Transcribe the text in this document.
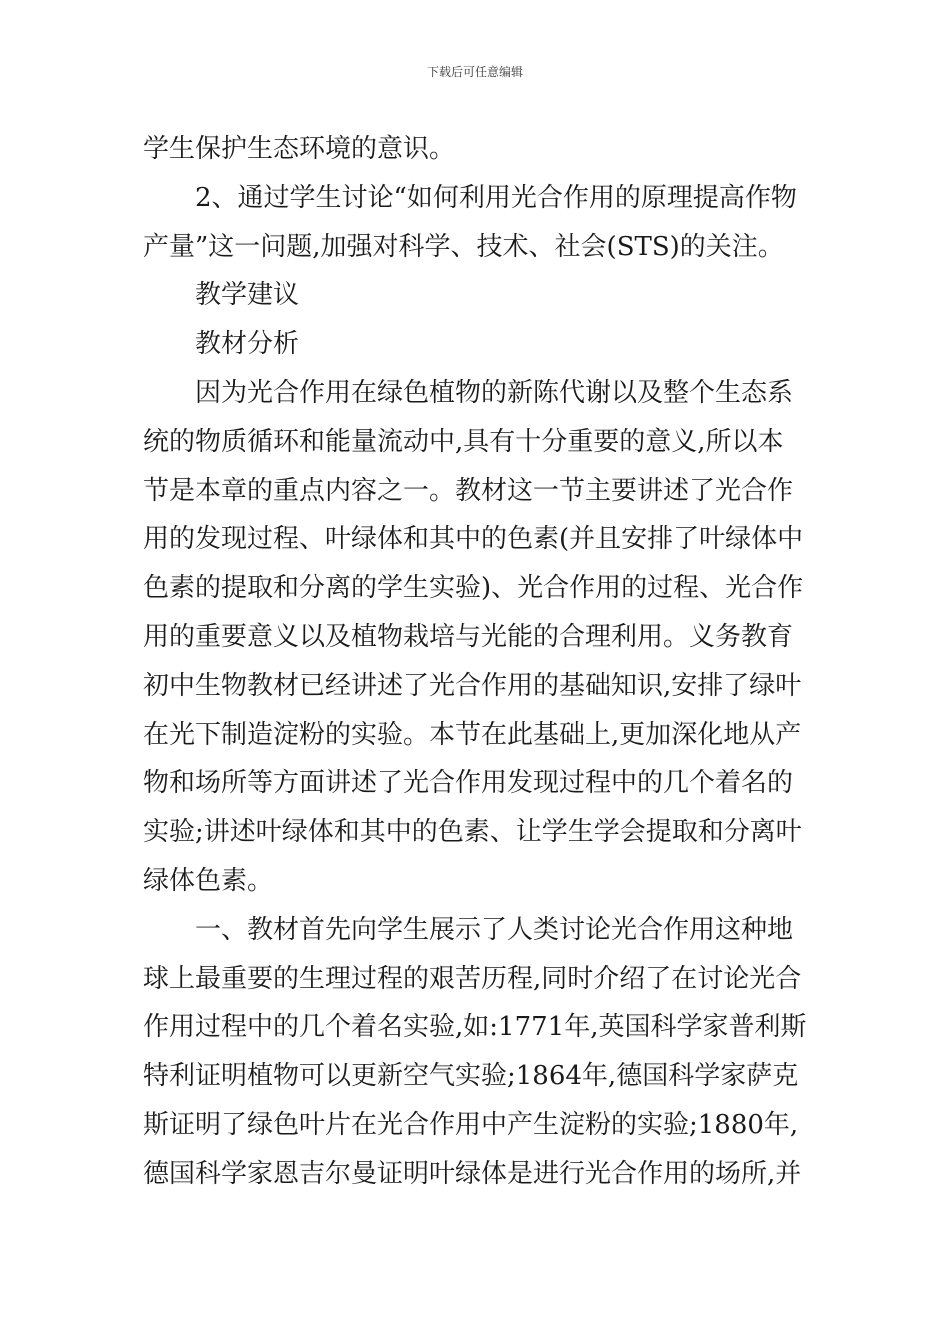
下载后可任意编辑
学生保护生态环境的意识。
2、通过学生讨论“如何利用光合作用的原理提高作物
产量”这一问题,加强对科学、技术、社会(STS)的关注。
教学建议
教材分析
因为光合作用在绿色植物的新陈代谢以及整个生态系
统的物质循环和能量流动中,具有十分重要的意义,所以本
节是本章的重点内容之一。教材这一节主要讲述了光合作
用的发现过程、叶绿体和其中的色素(并且安排了叶绿体中
色素的提取和分离的学生实验)、光合作用的过程、光合作
用的重要意义以及植物栽培与光能的合理利用。义务教育
初中生物教材已经讲述了光合作用的基础知识,安排了绿叶
在光下制造淀粉的实验。本节在此基础上,更加深化地从产
物和场所等方面讲述了光合作用发现过程中的几个着名的
实验;讲述叶绿体和其中的色素、让学生学会提取和分离叶
绿体色素。
一、教材首先向学生展示了人类讨论光合作用这种地
球上最重要的生理过程的艰苦历程,同时介绍了在讨论光合
作用过程中的几个着名实验,如:1771年,英国科学家普利斯
特利证明植物可以更新空气实验;1864年,德国科学家萨克
斯证明了绿色叶片在光合作用中产生淀粉的实验;1880年,
德国科学家恩吉尔曼证明叶绿体是进行光合作用的场所,并
